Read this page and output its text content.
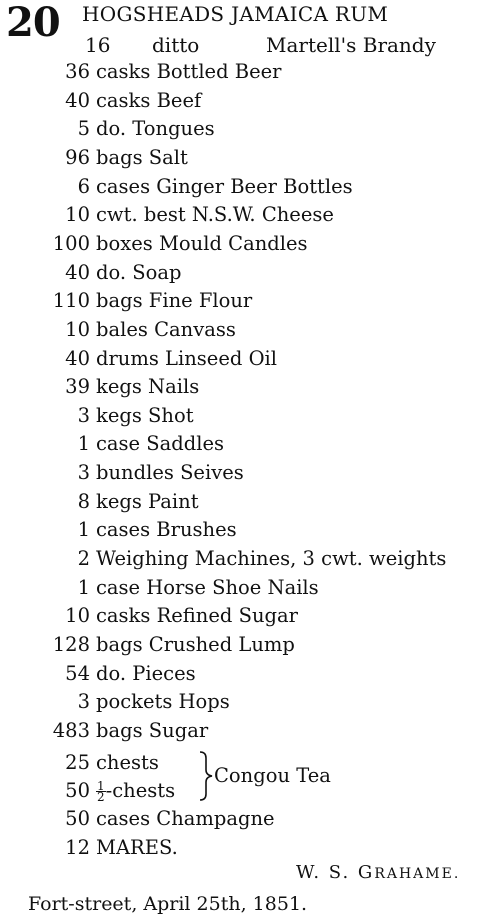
20 HOGSHEADS JAMAICA RUM
16 ditto	Martell's Brandy
36 casks Bottled Beer
40 casks Beef
5 do. Tongues
96 bags Salt
6 cases Ginger Beer Bottles
10 cwt. best N.S.W. Cheese
100 boxes Mould Candles
40 do. Soap
110 bags Fine Flour
10 bales Canvass
40 drums Linseed Oil
39 kegs Nails
3 kegs Shot
1 case Saddles
3 bundles Seives
8 kegs Paint
1 cases Brushes
2 Weighing Machines, 3 cwt. weights
1 case Horse Shoe Nails
10 casks Refined Sugar
128 bags Crushed Lump
54 do. Pieces
3 pockets Hops
483 bags Sugar
25 chests
$50 \frac{1}{2}$ -chests
Congou Tea
50 cases Champagne
12 MARES.
W. S. GRAHAME.
Fort-street, April 25th, 1851.
